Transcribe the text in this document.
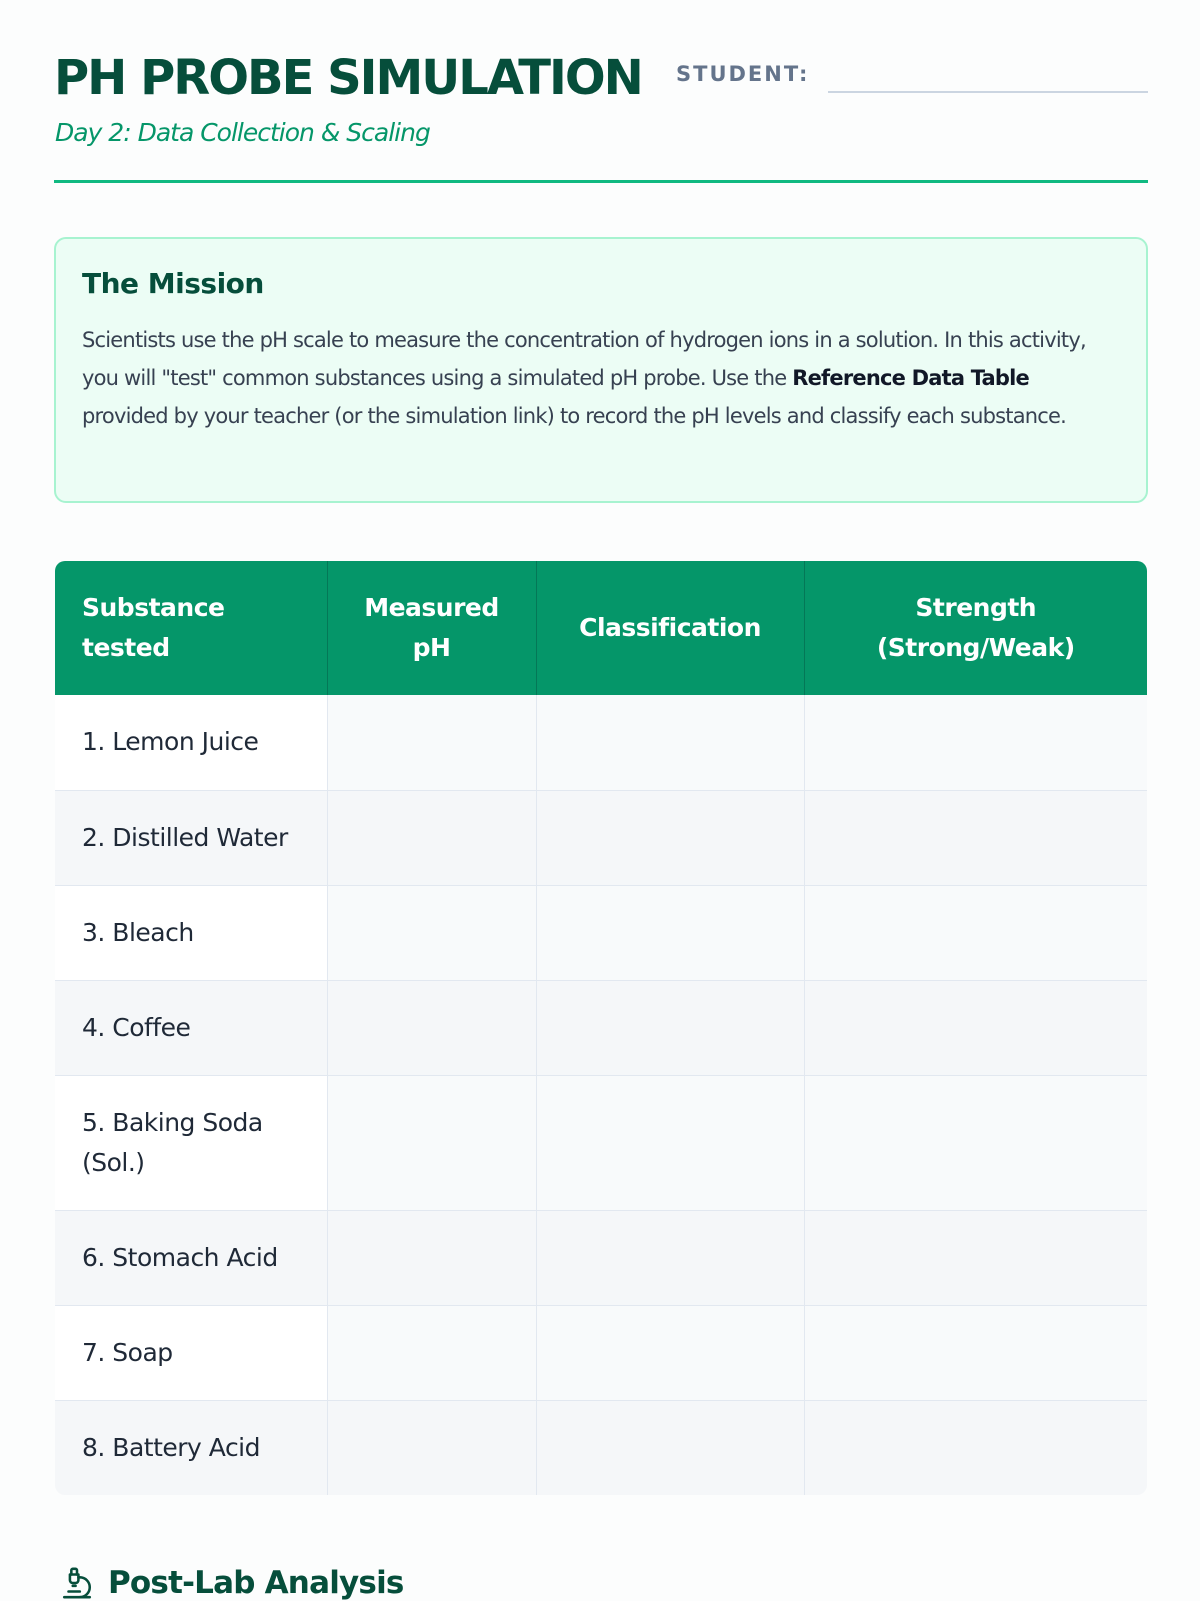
PH PROBE SIMULATION STUDENT:
Day 2: Data Collection & Scaling
The Mission

Scientists use the pH scale to measure the concentration of hydrogen ions in a solution. In this activity, you will "test" common substances using a simulated pH probe. Use the Reference Data Table provided by your teacher (or the simulation link) to record the pH levels and classify each substance.

Substance tested	Measured pH	Classification	Strength (Strong/Weak)
1. Lemon Juice			
2. Distilled Water			
3. Bleach			
4. Coffee			
5. Baking Soda (Sol.)			
6. Stomach Acid			
7. Soap			
8. Battery Acid			
Post-Lab Analysis
